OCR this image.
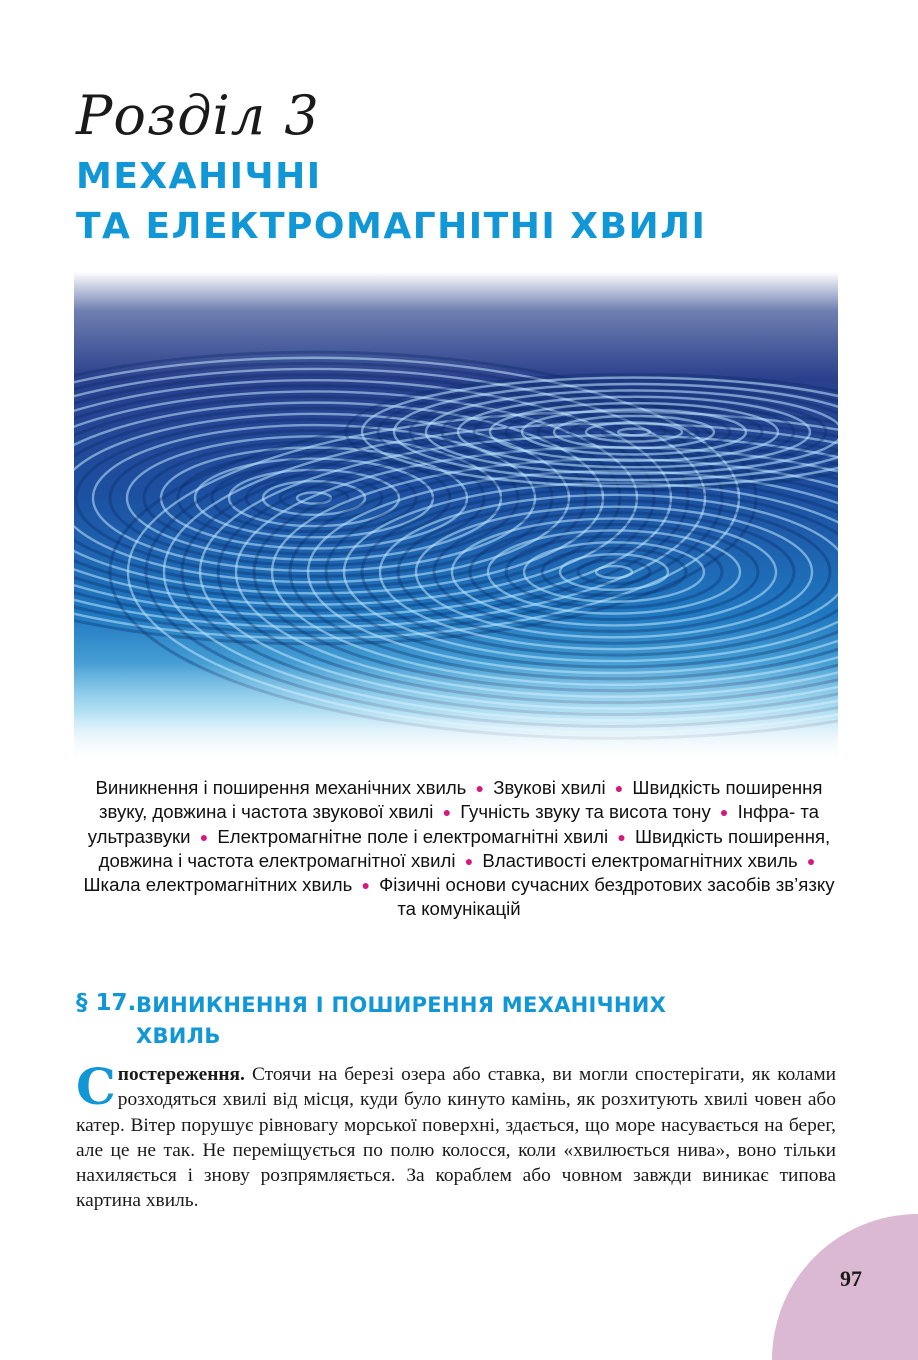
Розділ 3
МЕХАНІЧНІ
ТА ЕЛЕКТРОМАГНІТНІ ХВИЛІ
Виникнення і поширення механічних хвиль ● Звукові хвилі ● Швидкість поширення звуку, довжина і частота звукової хвилі ● Гучність звуку та висота тону ● Інфра- та ультразвуки ● Електромагнітне поле і електромагнітні хвилі ● Швидкість поширення, довжина і частота електромагнітної хвилі ● Властивості електромагнітних хвиль ● Шкала електромагнітних хвиль ● Фізичні основи сучасних бездротових засобів зв’язку та комунікацій
§ 17. ВИНИКНЕННЯ І ПОШИРЕННЯ МЕХАНІЧНИХ ХВИЛЬ
Спостереження. Стоячи на березі озера або ставка, ви могли спостерігати, як колами розходяться хвилі від місця, куди було кинуто камінь, як розхитують хвилі човен або катер. Вітер порушує рівновагу морської поверхні, здається, що море насувається на берег, але це не так. Не переміщується по полю колосся, коли «хвилюється нива», воно тільки нахиляється і знову розпрямляється. За кораблем або човном завжди виникає типова картина хвиль.
97
